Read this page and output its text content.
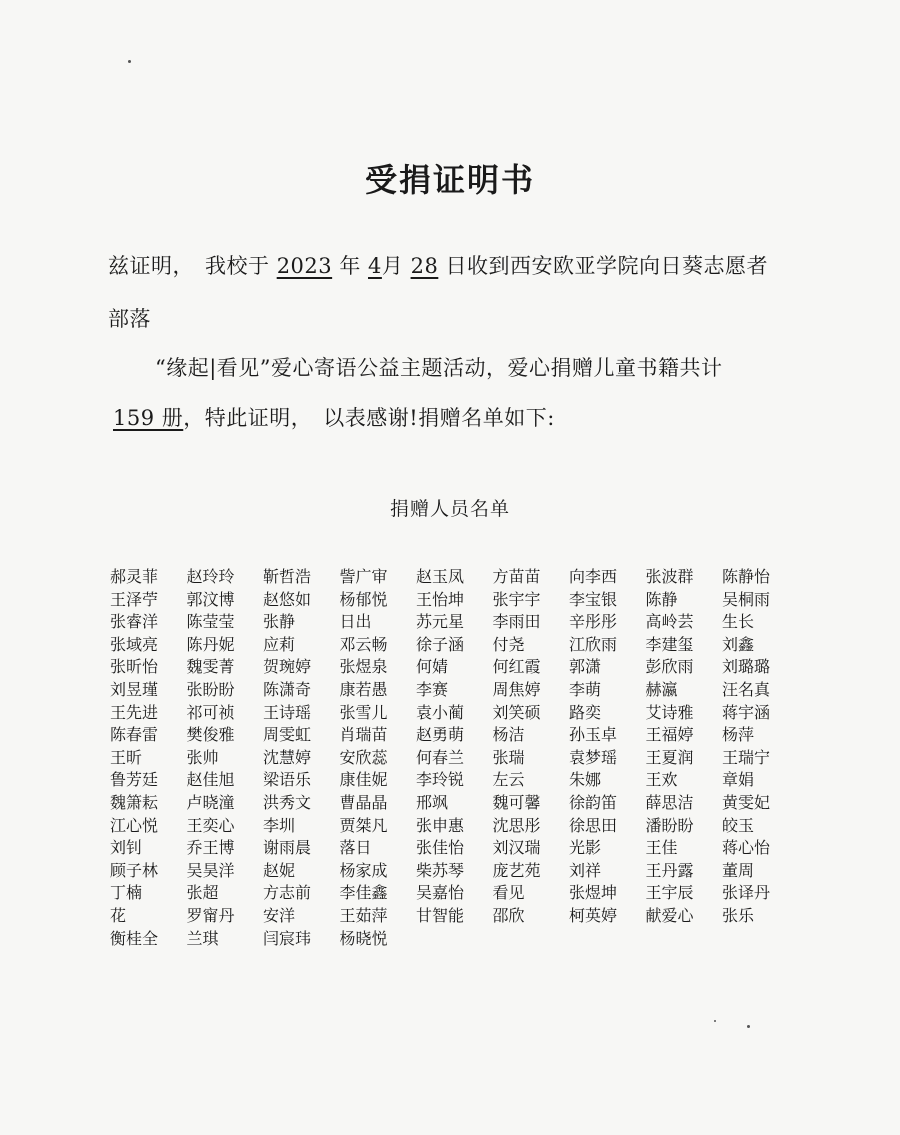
受捐证明书
兹证明，　我校于 2023 年 4月 28 日收到西安欧亚学院向日葵志愿者
部落
“缘起|看见”爱心寄语公益主题活动，爱心捐赠儿童书籍共计
159 册，特此证明，　以表感谢!捐赠名单如下:
捐赠人员名单
郝灵菲	赵玲玲	靳哲浩	訾广审	赵玉凤	方苗苗	向李西	张波群	陈静怡
王泽苧	郭汶博	赵悠如	杨郁悦	王怡坤	张宇宇	李宝银	陈静	吴桐雨
张睿洋	陈莹莹	张静	日出	苏元星	李雨田	辛彤彤	高岭芸	生长
张域亮	陈丹妮	应莉	邓云畅	徐子涵	付尧	江欣雨	李建玺	刘鑫
张昕怡	魏雯菁	贺琬婷	张煜泉	何婧	何红霞	郭潇	彭欣雨	刘璐璐
刘昱瑾	张盼盼	陈潇奇	康若愚	李赛	周焦婷	李萌	赫瀛	汪名真
王先进	祁可祯	王诗瑶	张雪儿	袁小蔺	刘笑硕	路奕	艾诗雅	蒋宇涵
陈春雷	樊俊雅	周雯虹	肖瑞苗	赵勇萌	杨洁	孙玉卓	王福婷	杨萍
王昕	张帅	沈慧婷	安欣蕊	何春兰	张瑞	袁梦瑶	王夏润	王瑞宁
鲁芳廷	赵佳旭	梁语乐	康佳妮	李玲锐	左云	朱娜	王欢	章娟
魏箫耘	卢晓潼	洪秀文	曹晶晶	邢飒	魏可馨	徐韵笛	薛思洁	黄雯妃
江心悦	王奕心	李圳	贾桀凡	张申惠	沈思彤	徐思田	潘盼盼	皎玉
刘钊	乔王博	谢雨晨	落日	张佳怡	刘汉瑞	光影	王佳	蒋心怡
顾子林	吴昊洋	赵妮	杨家成	柴苏琴	庞艺苑	刘祥	王丹露	董周
丁楠	张超	方志前	李佳鑫	吴嘉怡	看见	张煜坤	王宇辰	张译丹
花	罗甯丹	安洋	王茹萍	甘智能	邵欣	柯英婷	献爱心	张乐
衡桂全	兰琪	闫宸玮	杨晓悦
